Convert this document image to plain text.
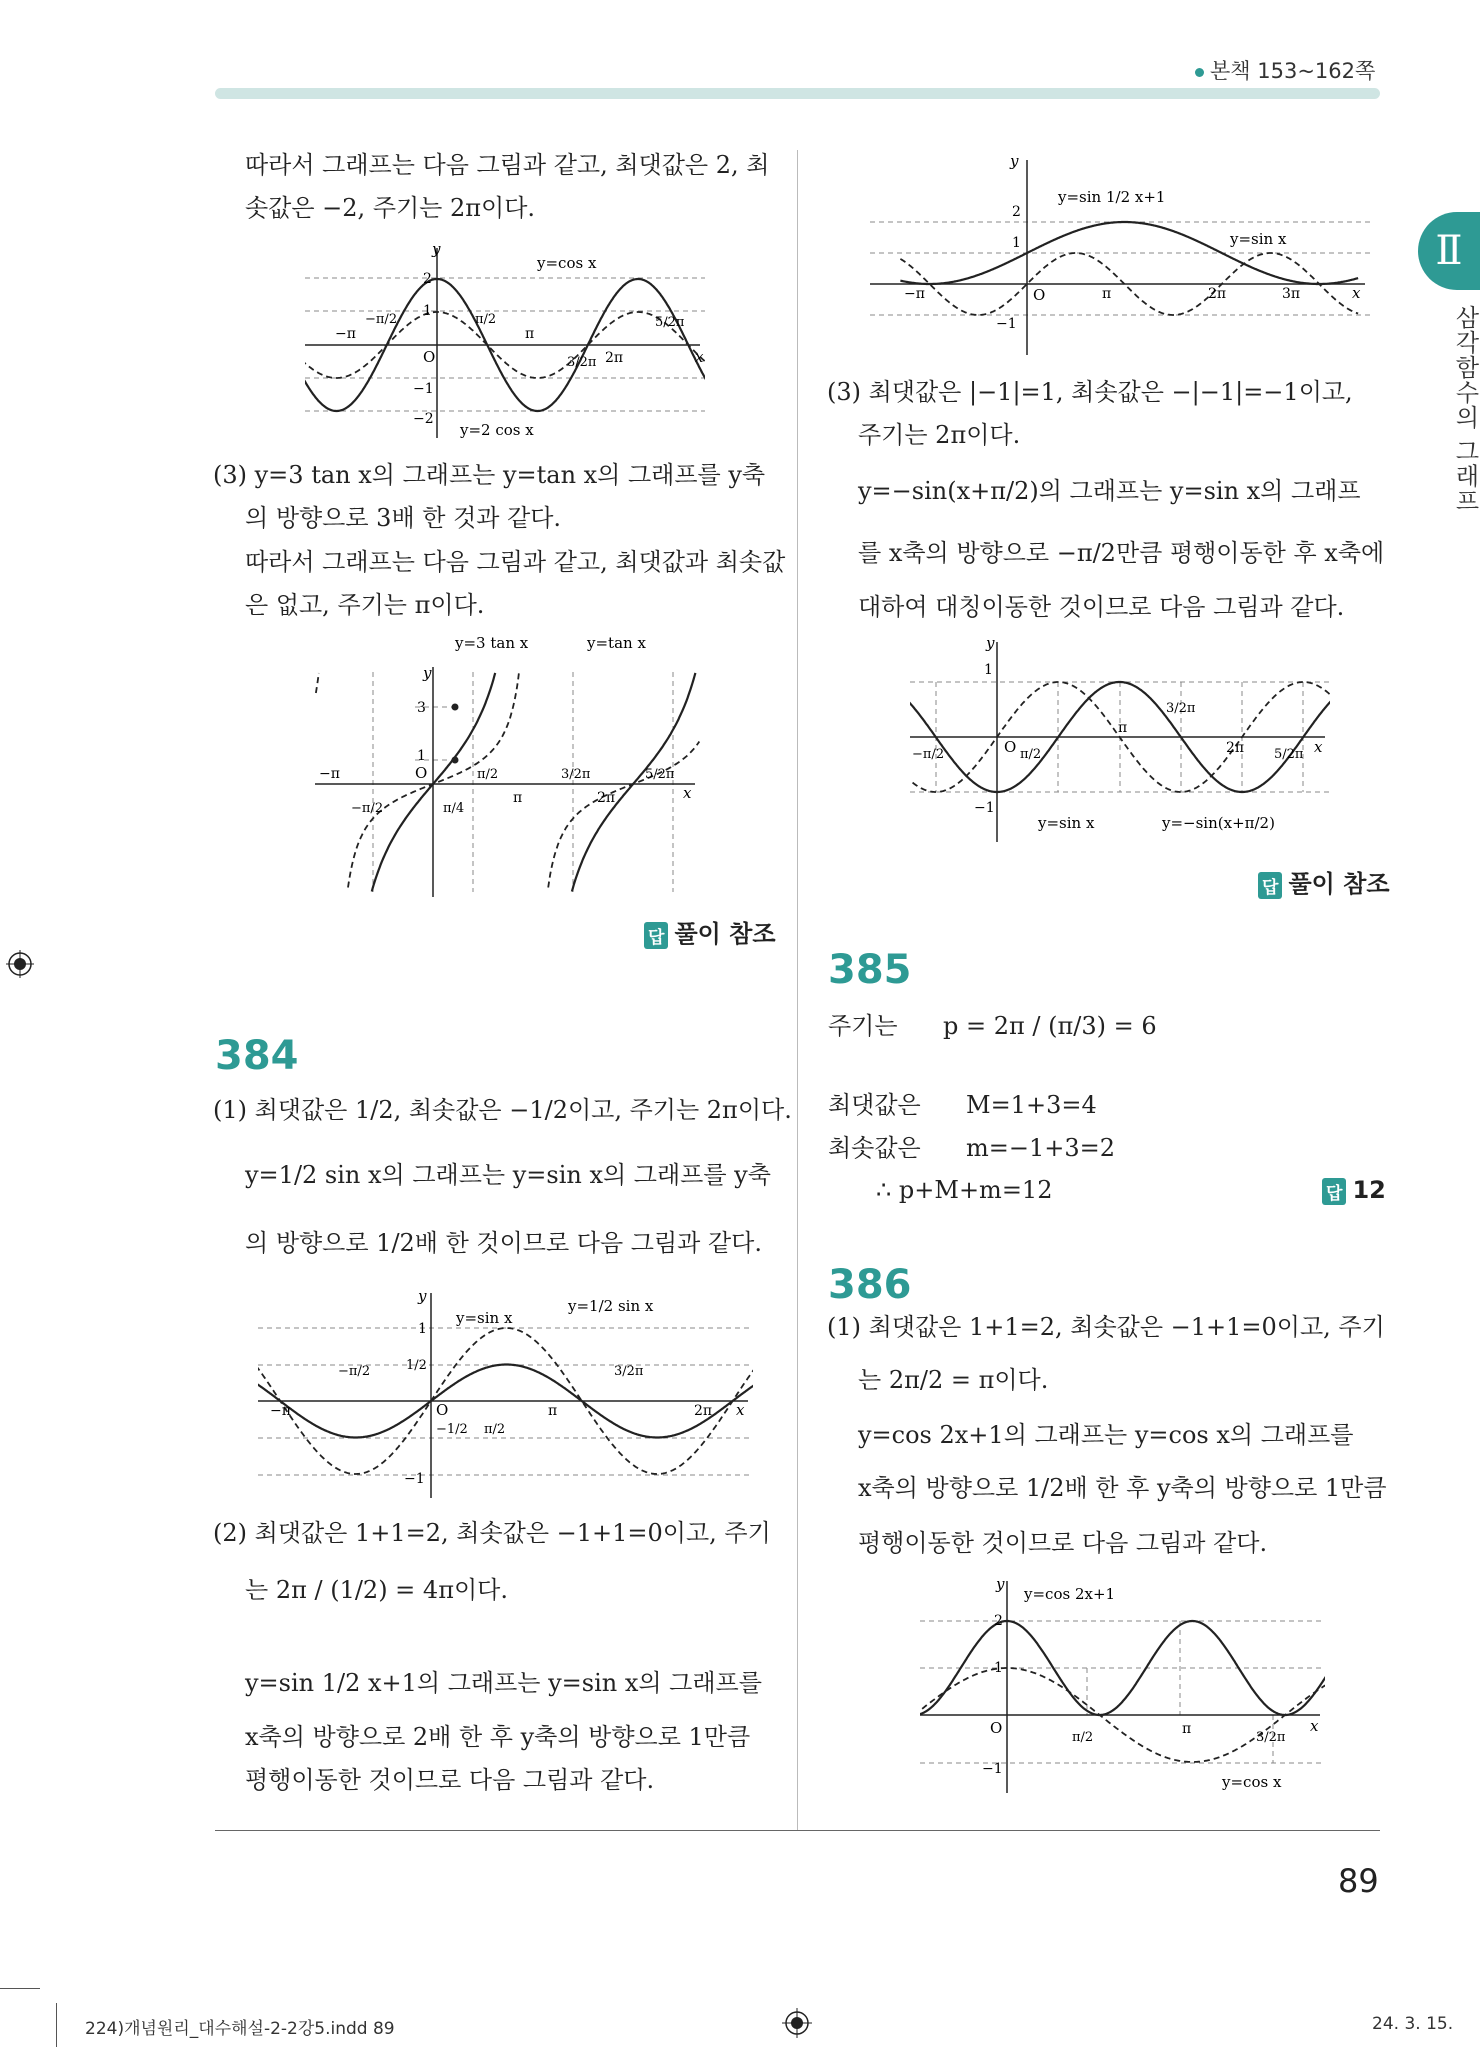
본책 153~162쪽
Ⅱ
삼각함수의 그래프
따라서 그래프는 다음 그림과 같고, 최댓값은 2, 최
솟값은 −2, 주기는 2π이다.
y
x
O
y=cos x
y=2 cos x
2
1
−1
−2
−π
−π/2	π/2
π
3/2π 2π
5/2π
(3) y=3 tan x의 그래프는 y=tan x의 그래프를 y축
의 방향으로 3배 한 것과 같다.
따라서 그래프는 다음 그림과 같고, 최댓값과 최솟값
은 없고, 주기는 π이다.
y
x
O
y=3 tan x	y=tan x
3
1
−π
−π/2	π/4
π/2
π
3/2π
2π
5/2π
답 풀이 참조
384
(1) 최댓값은 1/2, 최솟값은 −1/2이고, 주기는 2π이다.
y=1/2 sin x의 그래프는 y=sin x의 그래프를 y축
의 방향으로 1/2배 한 것이므로 다음 그림과 같다.
y
x
O
y=sin x
y=1/2 sin x
1
1/2
−1/2
−1
−π
−π/2
π/2
π
3/2π
2π
(2) 최댓값은 1+1=2, 최솟값은 −1+1=0이고, 주기
는 2π / (1/2) = 4π이다.
y=sin 1/2 x+1의 그래프는 y=sin x의 그래프를
x축의 방향으로 2배 한 후 y축의 방향으로 1만큼
평행이동한 것이므로 다음 그림과 같다.
y
x
O
y=sin 1/2 x+1
y=sin x
2
1
−1
−π	π	2π	3π
(3) 최댓값은 |−1|=1, 최솟값은 −|−1|=−1이고,
주기는 2π이다.
y=−sin(x+π/2)의 그래프는 y=sin x의 그래프
를 x축의 방향으로 −π/2만큼 평행이동한 후 x축에
대하여 대칭이동한 것이므로 다음 그림과 같다.
y
x
O
y=sin x	y=−sin(x+π/2)
1
−1
−π/2	π/2
π
3/2π
2π 5/2π
답 풀이 참조
385
주기는 p = 2π / (π/3) = 6
최댓값은 M=1+3=4
최솟값은 m=−1+3=2
∴ p+M+m=12	답 12
386
(1) 최댓값은 1+1=2, 최솟값은 −1+1=0이고, 주기
는 2π/2 = π이다.
y=cos 2x+1의 그래프는 y=cos x의 그래프를
x축의 방향으로 1/2배 한 후 y축의 방향으로 1만큼
평행이동한 것이므로 다음 그림과 같다.
y
x
O
y=cos 2x+1
y=cos x
2
1
−1
π/2
π
3/2π
89
224)개념원리_대수해설-2-2강5.indd 89	24. 3. 15.
